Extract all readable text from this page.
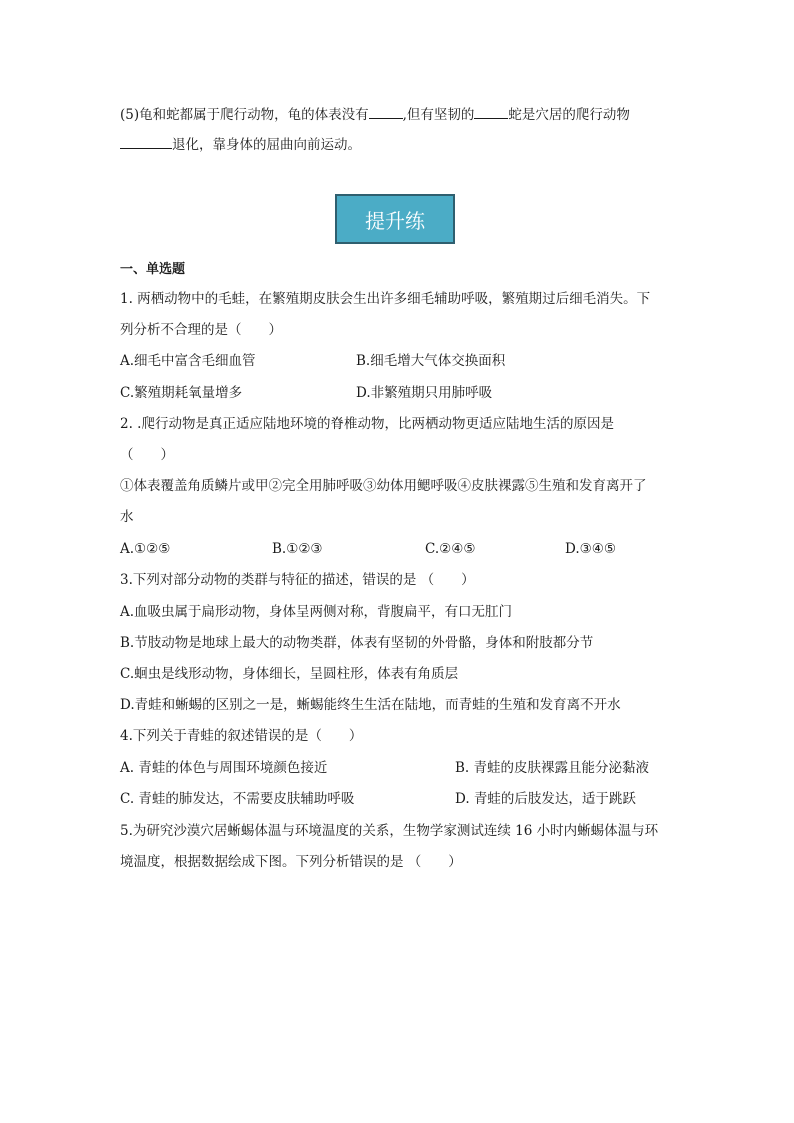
(5)龟和蛇都属于爬行动物，龟的体表没有	,但有坚韧的	蛇是穴居的爬行动物
退化，靠身体的屈曲向前运动。
提升练
一、单选题
1. 两栖动物中的毛蛙，在繁殖期皮肤会生出许多细毛辅助呼吸，繁殖期过后细毛消失。下
列分析不合理的是（　　）
A.细毛中富含毛细血管	B.细毛增大气体交换面积
C.繁殖期耗氧量增多	D.非繁殖期只用肺呼吸
2. .爬行动物是真正适应陆地环境的脊椎动物，比两栖动物更适应陆地生活的原因是
（　　）
①体表覆盖角质鳞片或甲②完全用肺呼吸③幼体用鳃呼吸④皮肤裸露⑤生殖和发育离开了
水
A.①②⑤	B.①②③	C.②④⑤	D.③④⑤
3.下列对部分动物的类群与特征的描述，错误的是 （　　）
A.血吸虫属于扁形动物，身体呈两侧对称，背腹扁平，有口无肛门
B.节肢动物是地球上最大的动物类群，体表有坚韧的外骨骼，身体和附肢都分节
C.蛔虫是线形动物，身体细长，呈圆柱形，体表有角质层
D.青蛙和蜥蜴的区别之一是，蜥蜴能终生生活在陆地，而青蛙的生殖和发育离不开水
4.下列关于青蛙的叙述错误的是（　　）
A. 青蛙的体色与周围环境颜色接近	B. 青蛙的皮肤裸露且能分泌黏液
C. 青蛙的肺发达，不需要皮肤辅助呼吸	D. 青蛙的后肢发达，适于跳跃
5.为研究沙漠穴居蜥蜴体温与环境温度的关系，生物学家测试连续 16 小时内蜥蜴体温与环
境温度，根据数据绘成下图。下列分析错误的是 （　　）
